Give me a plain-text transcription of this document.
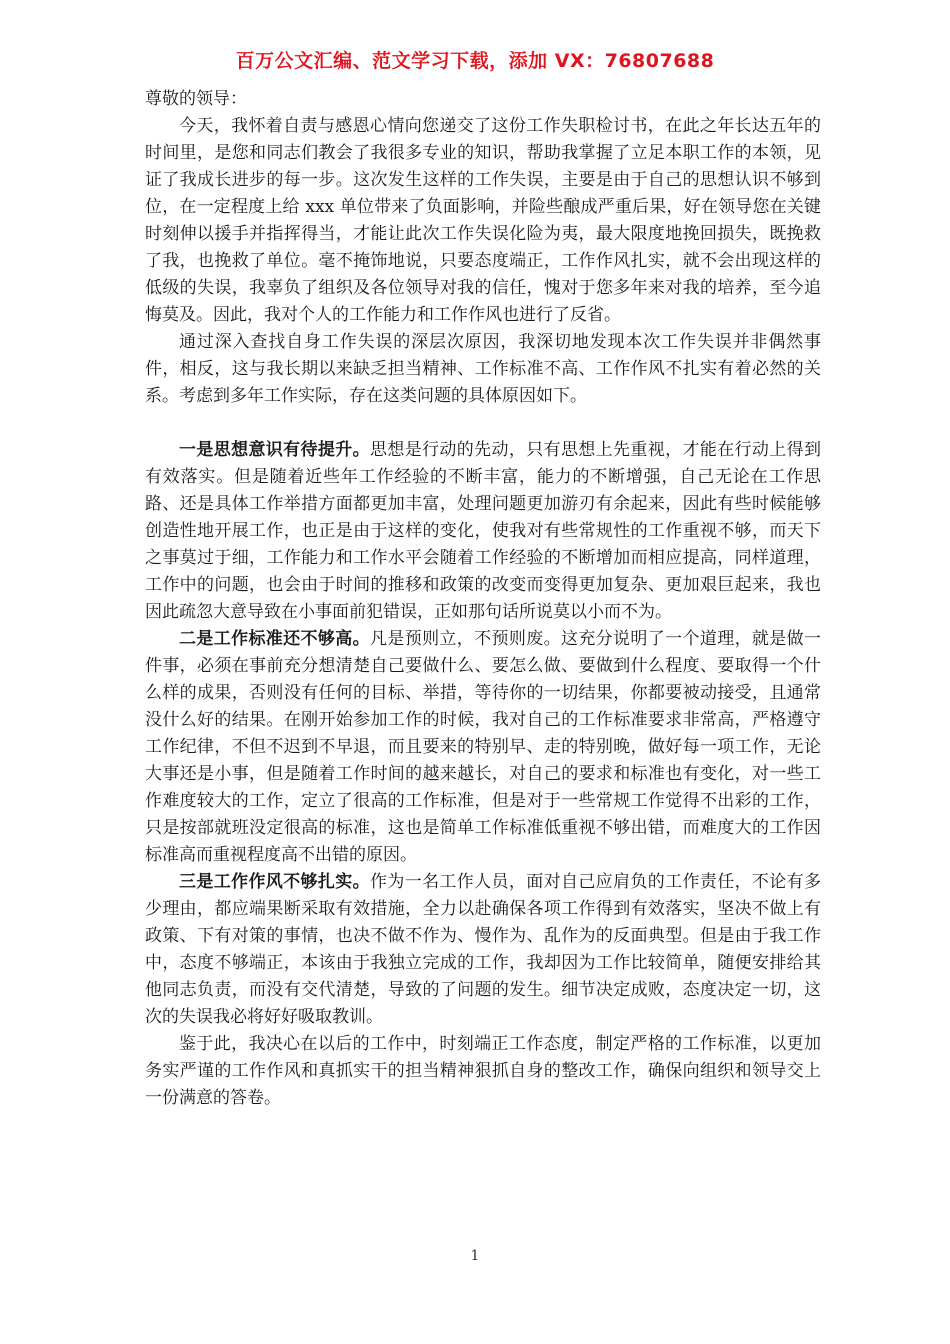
百万公文汇编、范文学习下载，添加 VX：76807688

尊敬的领导：

今天，我怀着自责与感恩心情向您递交了这份工作失职检讨书，在此之年长达五年的时间里，是您和同志们教会了我很多专业的知识，帮助我掌握了立足本职工作的本领，见证了我成长进步的每一步。这次发生这样的工作失误，主要是由于自己的思想认识不够到位，在一定程度上给 xxx 单位带来了负面影响，并险些酿成严重后果，好在领导您在关键时刻伸以援手并指挥得当，才能让此次工作失误化险为夷，最大限度地挽回损失，既挽救了我，也挽救了单位。毫不掩饰地说，只要态度端正，工作作风扎实，就不会出现这样的低级的失误，我辜负了组织及各位领导对我的信任，愧对于您多年来对我的培养，至今追悔莫及。因此，我对个人的工作能力和工作作风也进行了反省。

通过深入查找自身工作失误的深层次原因，我深切地发现本次工作失误并非偶然事件，相反，这与我长期以来缺乏担当精神、工作标准不高、工作作风不扎实有着必然的关系。考虑到多年工作实际，存在这类问题的具体原因如下。

一是思想意识有待提升。思想是行动的先动，只有思想上先重视，才能在行动上得到有效落实。但是随着近些年工作经验的不断丰富，能力的不断增强，自己无论在工作思路、还是具体工作举措方面都更加丰富，处理问题更加游刃有余起来，因此有些时候能够创造性地开展工作，也正是由于这样的变化，使我对有些常规性的工作重视不够，而天下之事莫过于细，工作能力和工作水平会随着工作经验的不断增加而相应提高，同样道理，工作中的问题，也会由于时间的推移和政策的改变而变得更加复杂、更加艰巨起来，我也因此疏忽大意导致在小事面前犯错误，正如那句话所说莫以小而不为。

二是工作标准还不够高。凡是预则立，不预则废。这充分说明了一个道理，就是做一件事，必须在事前充分想清楚自己要做什么、要怎么做、要做到什么程度、要取得一个什么样的成果，否则没有任何的目标、举措，等待你的一切结果，你都要被动接受，且通常没什么好的结果。在刚开始参加工作的时候，我对自己的工作标准要求非常高，严格遵守工作纪律，不但不迟到不早退，而且要来的特别早、走的特别晚，做好每一项工作，无论大事还是小事，但是随着工作时间的越来越长，对自己的要求和标准也有变化，对一些工作难度较大的工作，定立了很高的工作标准，但是对于一些常规工作觉得不出彩的工作，只是按部就班没定很高的标准，这也是简单工作标准低重视不够出错，而难度大的工作因标准高而重视程度高不出错的原因。

三是工作作风不够扎实。作为一名工作人员，面对自己应肩负的工作责任，不论有多少理由，都应端果断采取有效措施，全力以赴确保各项工作得到有效落实，坚决不做上有政策、下有对策的事情，也决不做不作为、慢作为、乱作为的反面典型。但是由于我工作中，态度不够端正，本该由于我独立完成的工作，我却因为工作比较简单，随便安排给其他同志负责，而没有交代清楚，导致的了问题的发生。细节决定成败，态度决定一切，这次的失误我必将好好吸取教训。

鉴于此，我决心在以后的工作中，时刻端正工作态度，制定严格的工作标准，以更加务实严谨的工作作风和真抓实干的担当精神狠抓自身的整改工作，确保向组织和领导交上一份满意的答卷。

1
